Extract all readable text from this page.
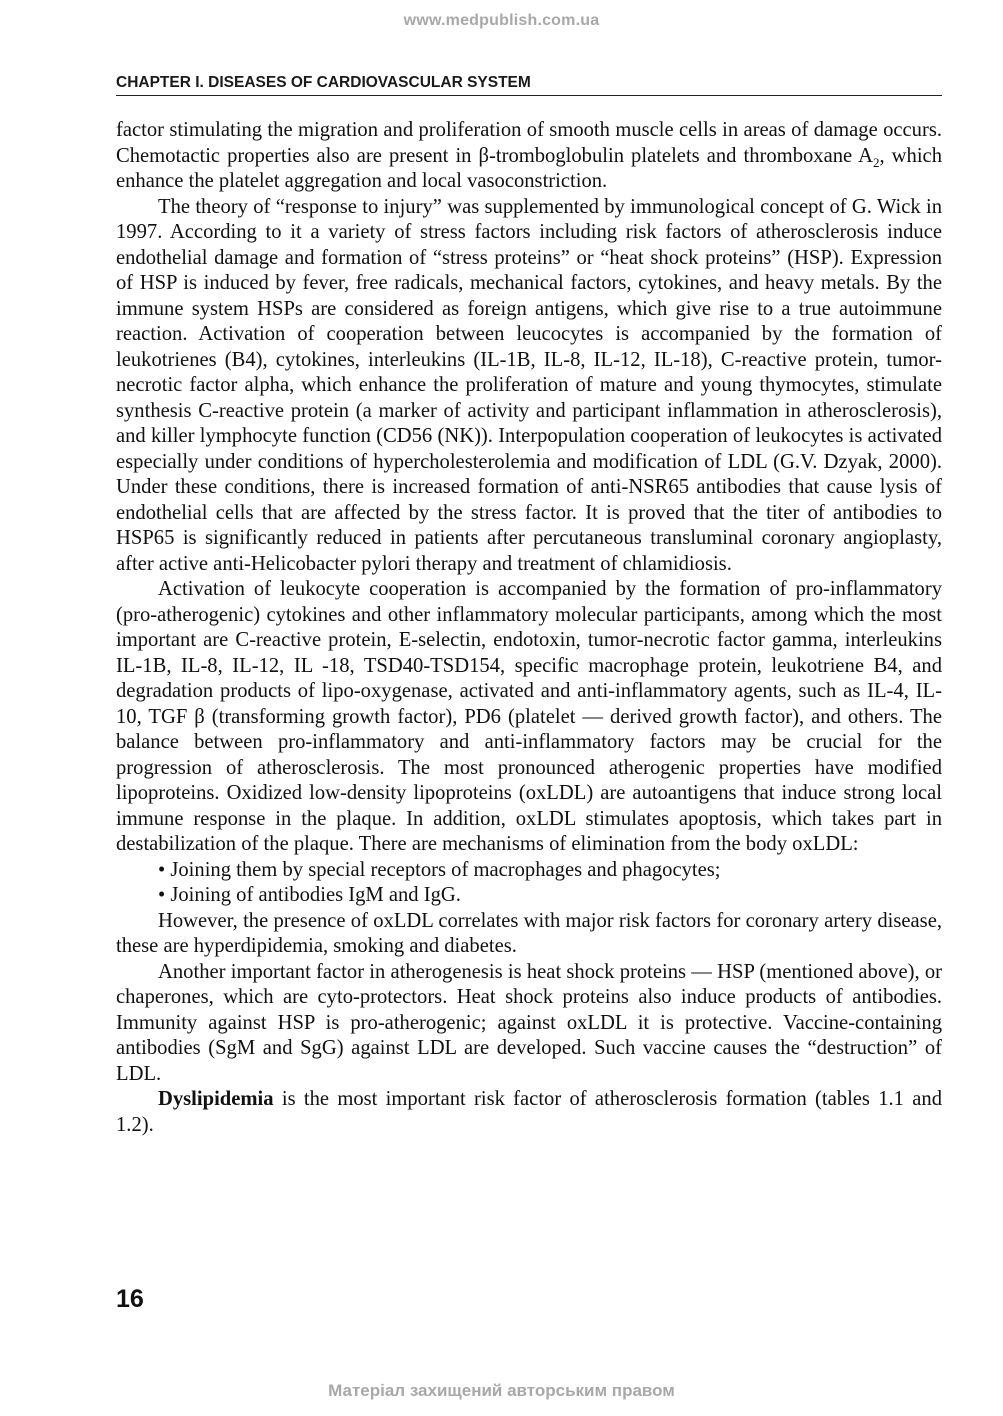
www.medpublish.com.ua
CHAPTER I. DISEASES OF CARDIOVASCULAR SYSTEM

factor stimulating the migration and proliferation of smooth muscle cells in areas of damage occurs. Chemotactic properties also are present in β-tromboglobulin platelets and thromboxane $A_2$, which enhance the platelet aggregation and local vasoconstriction.

The theory of “response to injury” was supplemented by immunological concept of G. Wick in 1997. According to it a variety of stress factors including risk factors of atherosclerosis induce endothelial damage and formation of “stress proteins” or “heat shock proteins” (HSP). Expression of HSP is induced by fever, free radicals, mechanical factors, cytokines, and heavy metals. By the immune system HSPs are considered as foreign antigens, which give rise to a true autoimmune reaction. Activation of cooperation between leucocytes is accompanied by the formation of leukotrienes (B4), cytokines, interleukins (IL-1B, IL-8, IL-12, IL-18), C-reactive protein, tumor-necrotic factor alpha, which enhance the proliferation of mature and young thymocytes, stimulate synthesis C-reactive protein (a marker of activity and participant inflammation in atherosclerosis), and killer lymphocyte function (CD56 (NK)). Interpopulation cooperation of leukocytes is activated especially under conditions of hypercholesterolemia and modification of LDL (G.V. Dzyak, 2000). Under these conditions, there is increased formation of anti-NSR65 antibodies that cause lysis of endothelial cells that are affected by the stress factor. It is proved that the titer of antibodies to HSP65 is significantly reduced in patients after percutaneous transluminal coronary angioplasty, after active anti-Helicobacter pylori therapy and treatment of chlamidiosis.

Activation of leukocyte cooperation is accompanied by the formation of pro-inflammatory (pro-atherogenic) cytokines and other inflammatory molecular participants, among which the most important are C-reactive protein, E-selectin, endotoxin, tumor-necrotic factor gamma, interleukins IL-1B, IL-8, IL-12, IL -18, TSD40-TSD154, specific macrophage protein, leukotriene B4, and degradation products of lipo-oxygenase, activated and anti-inflammatory agents, such as IL-4, IL-10, TGF β (transforming growth factor), PD6 (platelet — derived growth factor), and others. The balance between pro-inflammatory and anti-inflammatory factors may be crucial for the progression of atherosclerosis. The most pronounced atherogenic properties have modified lipoproteins. Oxidized low-density lipoproteins (oxLDL) are autoantigens that induce strong local immune response in the plaque. In addition, oxLDL stimulates apoptosis, which takes part in destabilization of the plaque. There are mechanisms of elimination from the body oxLDL:

• Joining them by special receptors of macrophages and phagocytes;

• Joining of antibodies IgM and IgG.

However, the presence of oxLDL correlates with major risk factors for coronary artery disease, these are hyperdipidemia, smoking and diabetes.

Another important factor in atherogenesis is heat shock proteins — HSP (mentioned above), or chaperones, which are cyto-protectors. Heat shock proteins also induce products of antibodies. Immunity against HSP is pro-atherogenic; against oxLDL it is protective. Vaccine-containing antibodies (SgM and SgG) against LDL are developed. Such vaccine causes the “destruction” of LDL.

Dyslipidemia is the most important risk factor of atherosclerosis formation (tables 1.1 and 1.2).

16
Матеріал захищений авторським правом
